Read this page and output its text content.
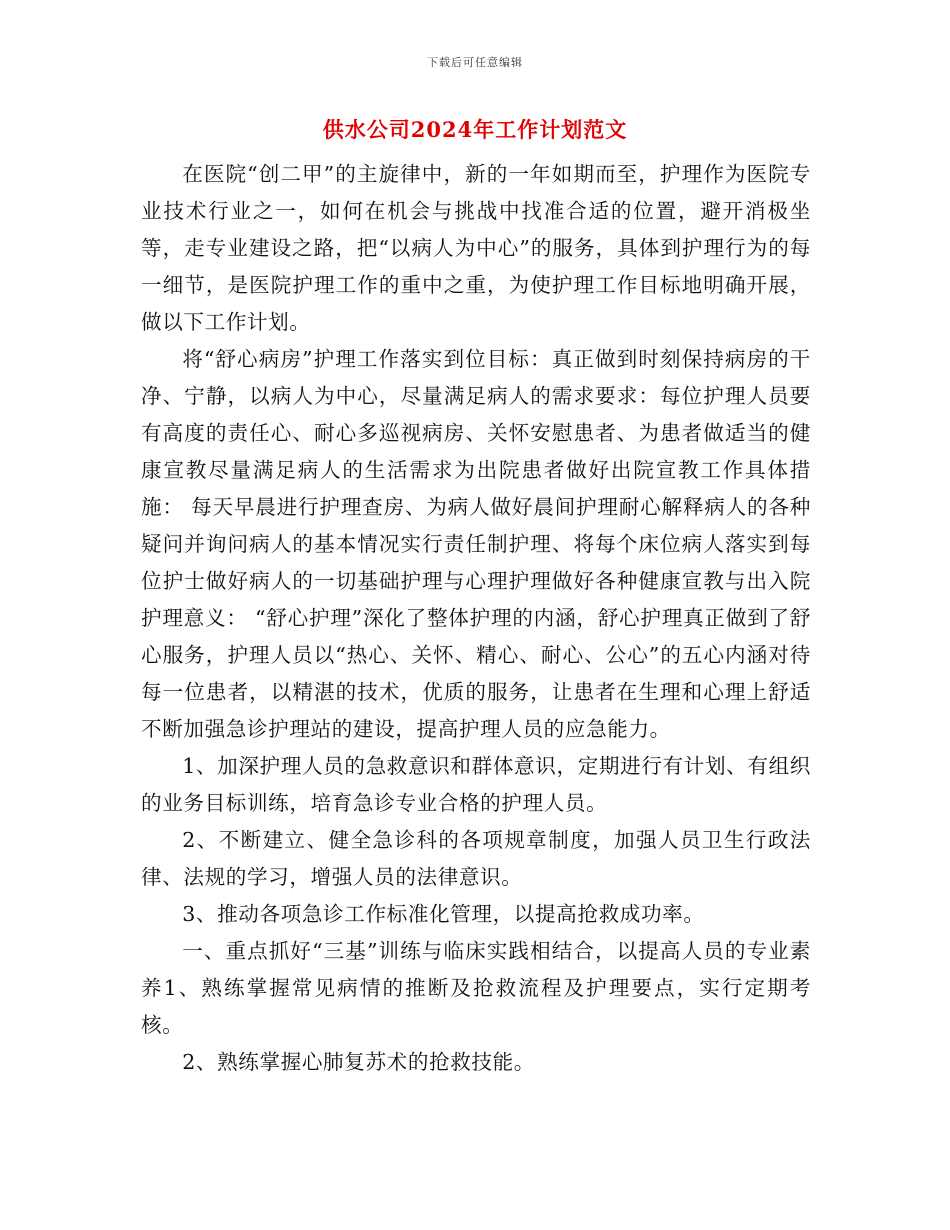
下载后可任意编辑
供水公司2024年工作计划范文

在医院“创二甲”的主旋律中，新的一年如期而至，护理作为医院专业技术行业之一，如何在机会与挑战中找准合适的位置，避开消极坐等，走专业建设之路，把“以病人为中心”的服务，具体到护理行为的每一细节，是医院护理工作的重中之重，为使护理工作目标地明确开展，做以下工作计划。

将“舒心病房”护理工作落实到位目标：真正做到时刻保持病房的干净、宁静，以病人为中心，尽量满足病人的需求要求：每位护理人员要有高度的责任心、耐心多巡视病房、关怀安慰患者、为患者做适当的健康宣教尽量满足病人的生活需求为出院患者做好出院宣教工作具体措施： 每天早晨进行护理查房、为病人做好晨间护理耐心解释病人的各种疑问并询问病人的基本情况实行责任制护理、将每个床位病人落实到每位护士做好病人的一切基础护理与心理护理做好各种健康宣教与出入院护理意义： “舒心护理”深化了整体护理的内涵，舒心护理真正做到了舒心服务，护理人员以“热心、关怀、精心、耐心、公心”的五心内涵对待每一位患者，以精湛的技术，优质的服务，让患者在生理和心理上舒适不断加强急诊护理站的建设，提高护理人员的应急能力。

1、加深护理人员的急救意识和群体意识，定期进行有计划、有组织的业务目标训练，培育急诊专业合格的护理人员。

2、不断建立、健全急诊科的各项规章制度，加强人员卫生行政法律、法规的学习，增强人员的法律意识。

3、推动各项急诊工作标准化管理，以提高抢救成功率。

一、重点抓好“三基”训练与临床实践相结合，以提高人员的专业素养1、熟练掌握常见病情的推断及抢救流程及护理要点，实行定期考核。

2、熟练掌握心肺复苏术的抢救技能。
